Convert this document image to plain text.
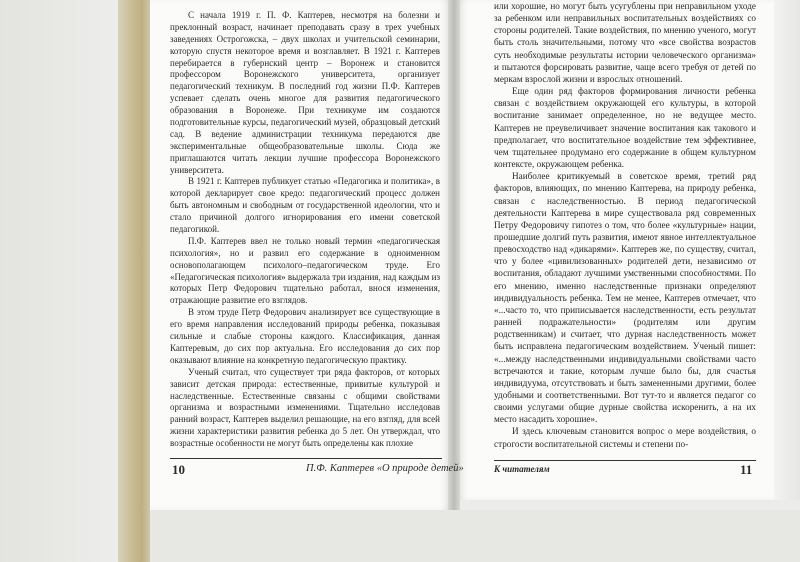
С начала 1919 г. П. Ф. Каптерев, несмотря на болезни и преклонный возраст, начинает преподавать сразу в трех учебных заведениях Острогожска, – двух школах и учительской семинарии, которую спустя некоторое время и возглавляет. В 1921 г. Каптерев перебирается в губернский центр – Воронеж и становится профессором Воронежского университета, организует педагогический техникум. В последний год жизни П.Ф. Каптерев успевает сделать очень многое для развития педагогического образования в Воронеже. При техникуме им создаются подготовительные курсы, педагогический музей, образцовый детский сад. В ведение администрации техникума передаются две экспериментальные общеобразовательные школы. Сюда же приглашаются читать лекции лучшие профессора Воронежского университета.

В 1921 г. Каптерев публикует статью «Педагогика и политика», в которой декларирует свое кредо: педагогический процесс должен быть автономным и свободным от государственной идеологии, что и стало причиной долгого игнорирования его имени советской педагогикой.

П.Ф. Каптерев ввел не только новый термин «педагогическая психология», но и развил его содержание в одноименном основополагающем психолого–педагогическом труде. Его «Педагогическая психология» выдержала три издания, над каждым из которых Петр Федорович тщательно работал, внося изменения, отражающие развитие его взглядов.

В этом труде Петр Федорович анализирует все существующие в его время направления исследований природы ребенка, показывая сильные и слабые стороны каждого. Классификация, данная Каптеревым, до сих пор актуальна. Его исследования до сих пор оказывают влияние на конкретную педагогическую практику.

Ученый считал, что существует три ряда факторов, от которых зависит детская природа: естественные, привитые культурой и наследственные. Естественные связаны с общими свойствами организма и возрастными изменениями. Тщательно исследовав ранний возраст, Каптерев выделил решающие, на его взгляд, для всей жизни характеристики развития ребенка до 5 лет. Он утверждал, что возрастные особенности не могут быть определены как плохие

10	П.Ф. Каптерев «О природе детей»

или хорошие, но могут быть усугублены при неправильном уходе за ребенком или неправильных воспитательных воздействиях со стороны родителей. Такие воздействия, по мнению ученого, могут быть столь значительными, потому что «все свойства возрастов суть необходимые результаты истории человеческого организма» и пытаются форсировать развитие, чаще всего требуя от детей по меркам взрослой жизни и взрослых отношений.

Еще один ряд факторов формирования личности ребенка связан с воздействием окружающей его культуры, в которой воспитание занимает определенное, но не ведущее место. Каптерев не преувеличивает значение воспитания как такового и предполагает, что воспитательное воздействие тем эффективнее, чем тщательнее продумано его содержание в общем культурном контексте, окружающем ребенка.

Наиболее критикуемый в советское время, третий ряд факторов, влияющих, по мнению Каптерева, на природу ребенка, связан с наследственностью. В период педагогической деятельности Каптерева в мире существовала ряд современных Петру Федоровичу гипотез о том, что более «культурные» нации, прошедшие долгий путь развития, имеют явное интеллектуальное превосходство над «дикарями». Каптерев же, по существу, считал, что у более «цивилизованных» родителей дети, независимо от воспитания, обладают лучшими умственными способностями. По его мнению, именно наследственные признаки определяют индивидуальность ребенка. Тем не менее, Каптерев отмечает, что «...часто то, что приписывается наследственности, есть результат ранней подражательности» (родителям или другим родственникам) и считает, что дурная наследственность может быть исправлена педагогическим воздействием. Ученый пишет: «...между наследственными индивидуальными свойствами часто встречаются и такие, которым лучше было бы, для счастья индивидуума, отсутствовать и быть замененными другими, более удобными и соответственными. Вот тут-то и является педагог со своими услугами общие дурные свойства искоренить, а на их место насадить хорошие».

И здесь ключевым становится вопрос о мере воздействия, о строгости воспитательной системы и степени по-

К читателям	11
